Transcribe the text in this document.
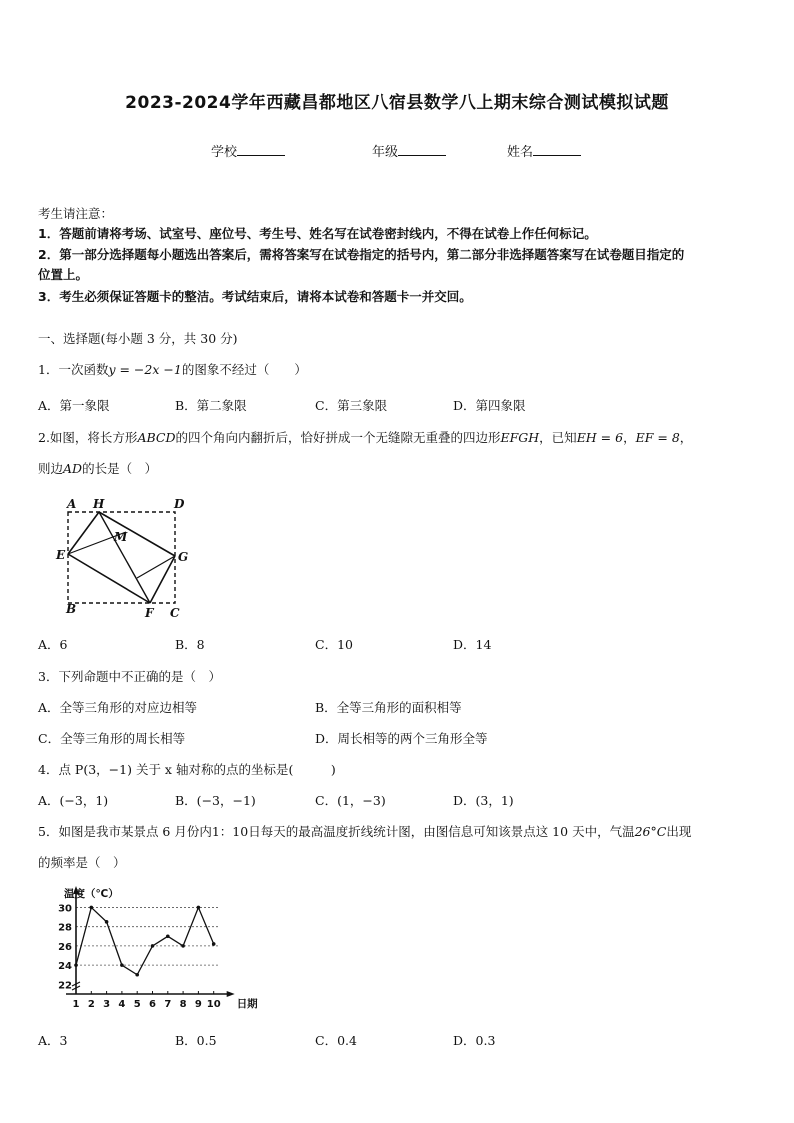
2023-2024学年西藏昌都地区八宿县数学八上期末综合测试模拟试题
学校	年级	姓名
考生请注意：
1．答题前请将考场、试室号、座位号、考生号、姓名写在试卷密封线内，不得在试卷上作任何标记。
2．第一部分选择题每小题选出答案后，需将答案写在试卷指定的括号内，第二部分非选择题答案写在试卷题目指定的
位置上。
3．考生必须保证答题卡的整洁。考试结束后，请将本试卷和答题卡一并交回。
一、选择题(每小题 3 分，共 30 分)
1．一次函数y = −2x −1的图象不经过（　　）
A．第一象限	B．第二象限	C．第三象限	D．第四象限
2.如图，将长方形ABCD的四个角向内翻折后，恰好拼成一个无缝隙无重叠的四边形EFGH，已知EH = 6，EF = 8，
则边AD的长是（　）
A H	D
M
E	G
B	F C
A．6	B．8	C．10	D．14
3．下列命题中不正确的是（　）
A．全等三角形的对应边相等	B．全等三角形的面积相等
C．全等三角形的周长相等	D．周长相等的两个三角形全等
4．点 P(3，−1) 关于 x 轴对称的点的坐标是(　　　)
A．(−3，1)	B．(−3，−1)	C．(1，−3)	D．(3，1)
5．如图是我市某景点 6 月份内1：10日每天的最高温度折线统计图，由图信息可知该景点这 10 天中，气温26°C出现
的频率是（　）
22
24
26
28
30
1 2 3 4 5 6 7 8 9 10
温度（℃）
日期
A．3	B．0.5	C．0.4	D．0.3
